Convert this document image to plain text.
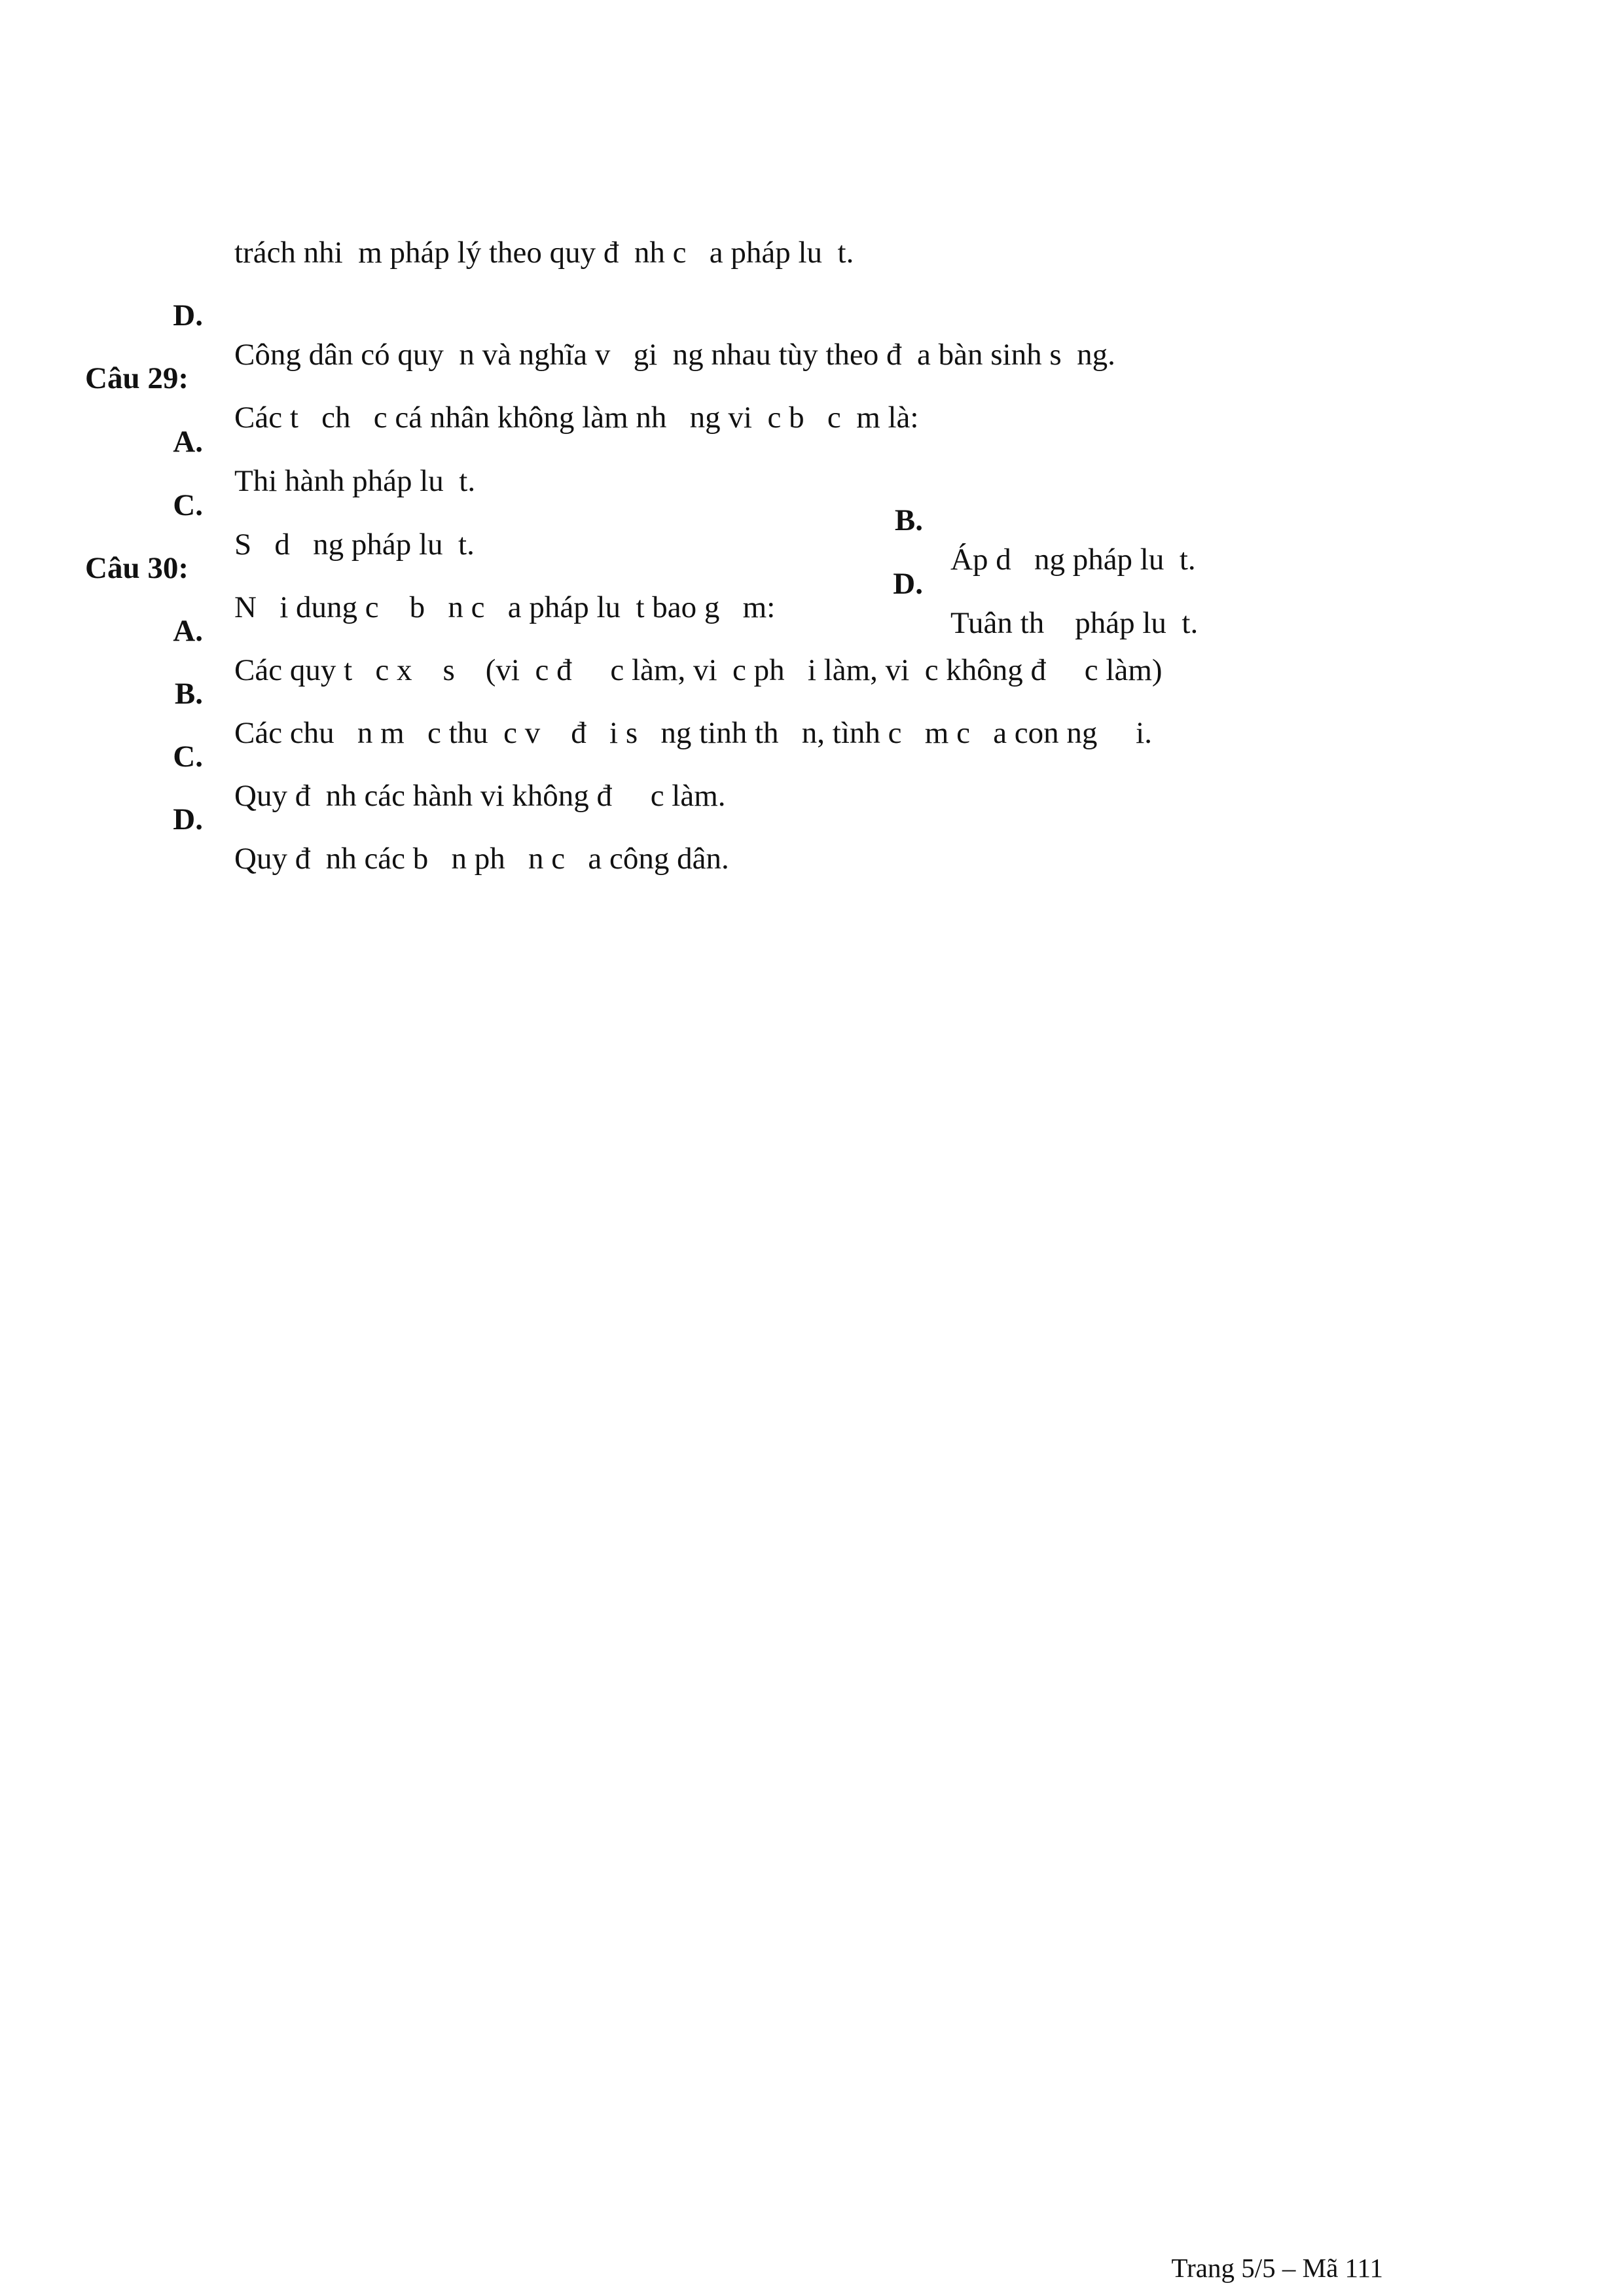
trách nhi  m pháp lý theo quy đ  nh c   a pháp lu  t.

D.

Công dân có quy  n và nghĩa v   gi  ng nhau tùy theo đ  a bàn sinh s  ng.

Câu 29:

Các t   ch   c cá nhân không làm nh   ng vi  c b   c  m là:

A.

Thi hành pháp lu  t.

B.

Áp d   ng pháp lu  t.

C.

S   d   ng pháp lu  t.

D.

Tuân th    pháp lu  t.

Câu 30:

N   i dung c    b   n c   a pháp lu  t bao g   m:

A.

Các quy t   c x    s    (vi  c đ     c làm, vi  c ph   i làm, vi  c không đ     c làm)

B.

Các chu   n m   c thu  c v    đ   i s   ng tinh th   n, tình c   m c   a con ng     i.

C.

Quy đ  nh các hành vi không đ     c làm.

D.

Quy đ  nh các b   n ph   n c   a công dân.

Trang 5/5 – Mã 111
